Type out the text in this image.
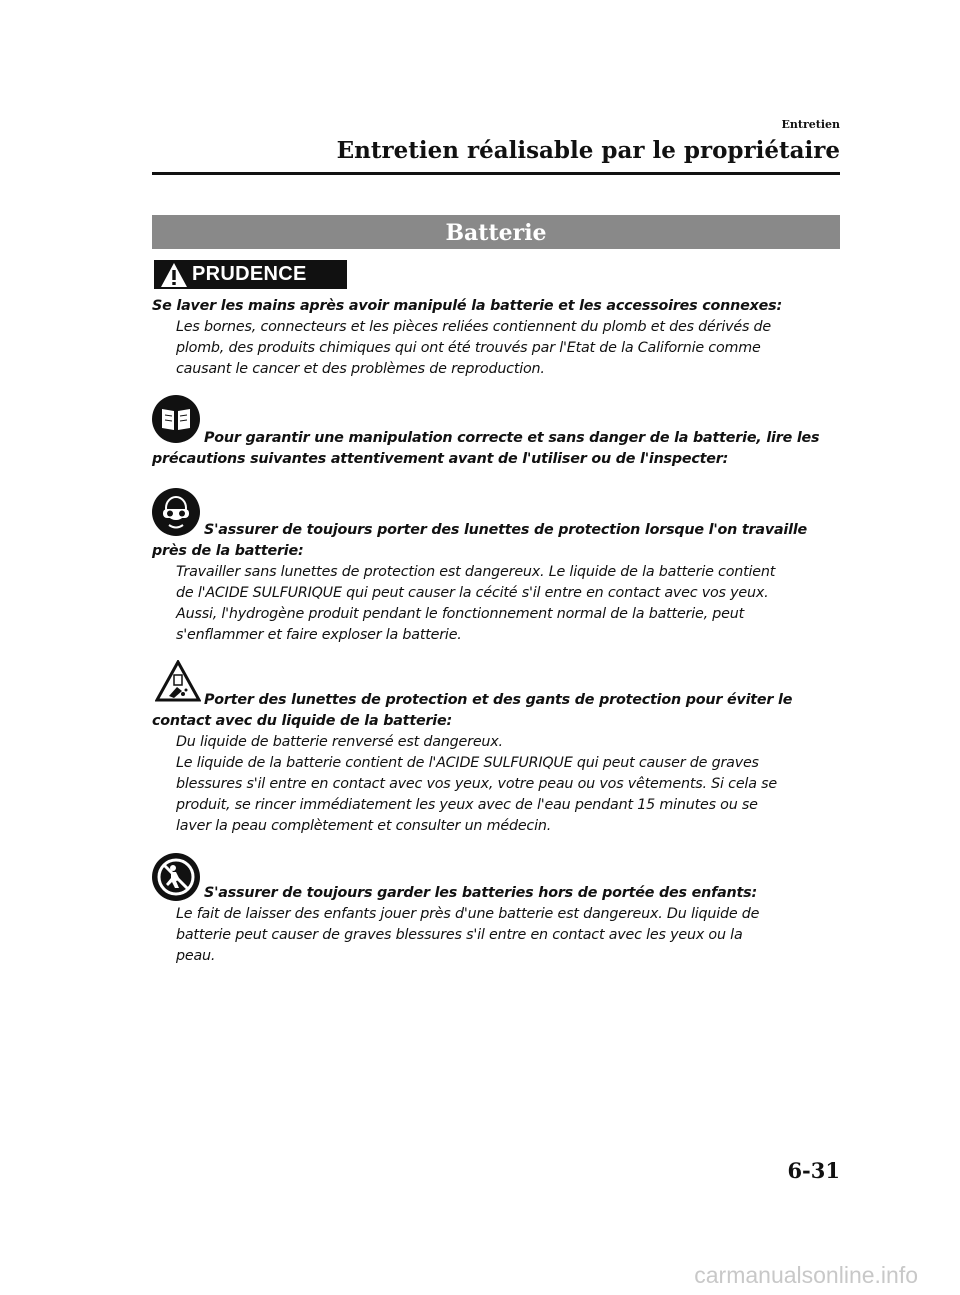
Entretien
Entretien réalisable par le propriétaire
Batterie
PRUDENCE
Se laver les mains après avoir manipulé la batterie et les accessoires connexes:
Les bornes, connecteurs et les pièces reliées contiennent du plomb et des dérivés de
plomb, des produits chimiques qui ont été trouvés par l'Etat de la Californie comme
causant le cancer et des problèmes de reproduction.
Pour garantir une manipulation correcte et sans danger de la batterie, lire les
précautions suivantes attentivement avant de l'utiliser ou de l'inspecter:
S'assurer de toujours porter des lunettes de protection lorsque l'on travaille
près de la batterie:
Travailler sans lunettes de protection est dangereux. Le liquide de la batterie contient
de l'ACIDE SULFURIQUE qui peut causer la cécité s'il entre en contact avec vos yeux.
Aussi, l'hydrogène produit pendant le fonctionnement normal de la batterie, peut
s'enflammer et faire exploser la batterie.
Porter des lunettes de protection et des gants de protection pour éviter le
contact avec du liquide de la batterie:
Du liquide de batterie renversé est dangereux.
Le liquide de la batterie contient de l'ACIDE SULFURIQUE qui peut causer de graves
blessures s'il entre en contact avec vos yeux, votre peau ou vos vêtements. Si cela se
produit, se rincer immédiatement les yeux avec de l'eau pendant 15 minutes ou se
laver la peau complètement et consulter un médecin.
S'assurer de toujours garder les batteries hors de portée des enfants:
Le fait de laisser des enfants jouer près d'une batterie est dangereux. Du liquide de
batterie peut causer de graves blessures s'il entre en contact avec les yeux ou la
peau.
6-31
carmanualsonline.info
